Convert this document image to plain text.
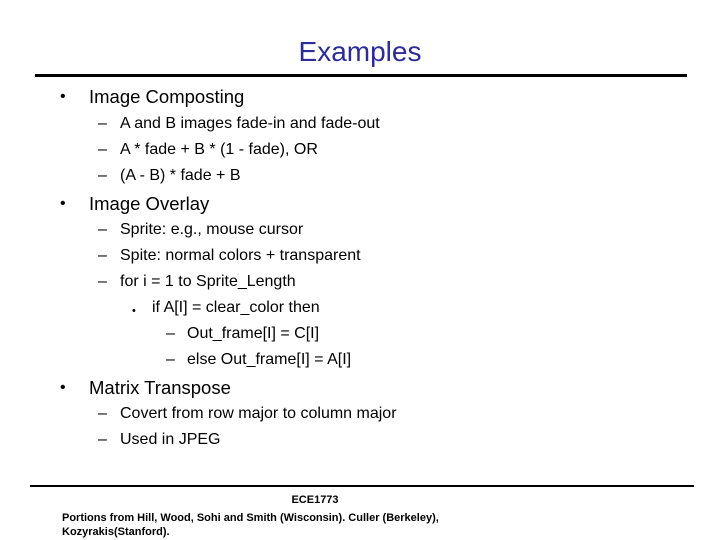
Examples
• Image Composting
– A and B images fade-in and fade-out
– A * fade + B * (1 - fade), OR
– (A - B) * fade + B
• Image Overlay
– Sprite: e.g., mouse cursor
– Spite: normal colors + transparent
– for i = 1 to Sprite_Length
• if A[I] = clear_color then
– Out_frame[I] = C[I]
– else Out_frame[I] = A[I]
• Matrix Transpose
– Covert from row major to column major
– Used in JPEG
ECE1773
Portions from Hill, Wood, Sohi and Smith (Wisconsin). Culler (Berkeley), Kozyrakis(Stanford).
